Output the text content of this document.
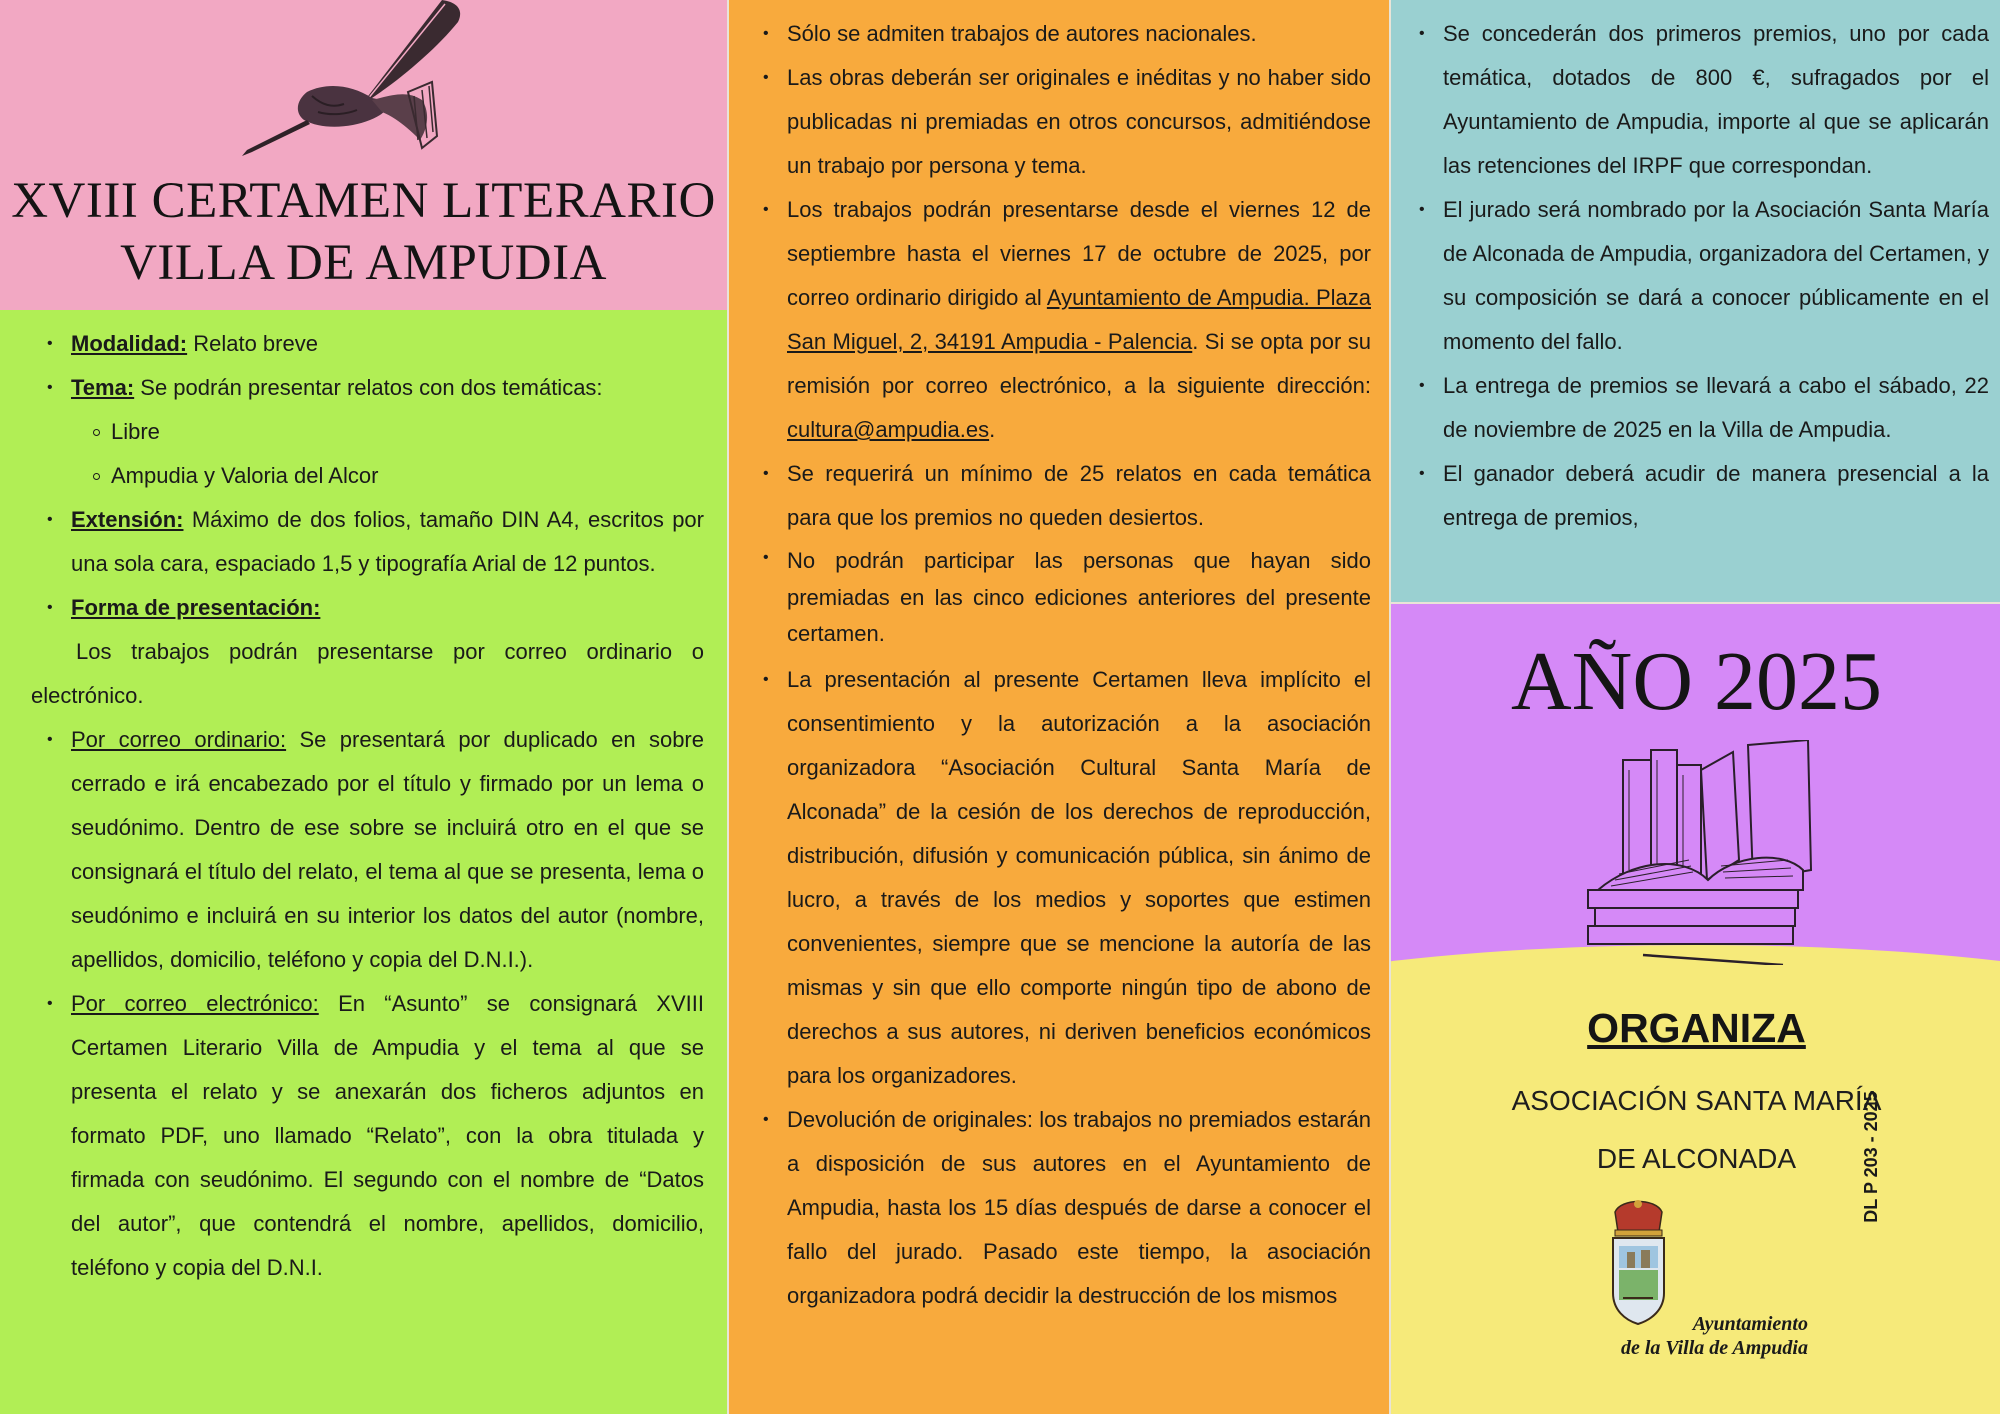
XVIII CERTAMEN LITERARIO
VILLA DE AMPUDIA
• Modalidad: Relato breve
• Tema: Se podrán presentar relatos con dos temáticas:
Libre
Ampudia y Valoria del Alcor
• Extensión: Máximo de dos folios, tamaño DIN A4, escritos por una sola cara, espaciado 1,5 y tipografía Arial de 12 puntos.
• Forma de presentación:
Los trabajos podrán presentarse por correo ordinario o electrónico.
• Por correo ordinario: Se presentará por duplicado en sobre cerrado e irá encabezado por el título y firmado por un lema o seudónimo. Dentro de ese sobre se incluirá otro en el que se consignará el título del relato, el tema al que se presenta, lema o seudónimo e incluirá en su interior los datos del autor (nombre, apellidos, domicilio, teléfono y copia del D.N.I.).
• Por correo electrónico: En “Asunto” se consignará XVIII Certamen Literario Villa de Ampudia y el tema al que se presenta el relato y se anexarán dos ficheros adjuntos en formato PDF, uno llamado “Relato”, con la obra titulada y firmada con seudónimo. El segundo con el nombre de “Datos del autor”, que contendrá el nombre, apellidos, domicilio, teléfono y copia del D.N.I.
• Sólo se admiten trabajos de autores nacionales.
• Las obras deberán ser originales e inéditas y no haber sido publicadas ni premiadas en otros concursos, admitiéndose un trabajo por persona y tema.
• Los trabajos podrán presentarse desde el viernes 12 de septiembre hasta el viernes 17 de octubre de 2025, por correo ordinario dirigido al Ayuntamiento de Ampudia. Plaza San Miguel, 2, 34191 Ampudia - Palencia. Si se opta por su remisión por correo electrónico, a la siguiente dirección: cultura@ampudia.es.
• Se requerirá un mínimo de 25 relatos en cada temática para que los premios no queden desiertos.
• No podrán participar las personas que hayan sido premiadas en las cinco ediciones anteriores del presente certamen.
• La presentación al presente Certamen lleva implícito el consentimiento y la autorización a la asociación organizadora “Asociación Cultural Santa María de Alconada” de la cesión de los derechos de reproducción, distribución, difusión y comunicación pública, sin ánimo de lucro, a través de los medios y soportes que estimen convenientes, siempre que se mencione la autoría de las mismas y sin que ello comporte ningún tipo de abono de derechos a sus autores, ni deriven beneficios económicos para los organizadores.
• Devolución de originales: los trabajos no premiados estarán a disposición de sus autores en el Ayuntamiento de Ampudia, hasta los 15 días después de darse a conocer el fallo del jurado. Pasado este tiempo, la asociación organizadora podrá decidir la destrucción de los mismos
• Se concederán dos primeros premios, uno por cada temática, dotados de 800 €, sufragados por el Ayuntamiento de Ampudia, importe al que se aplicarán las retenciones del IRPF que correspondan.
• El jurado será nombrado por la Asociación Santa María de Alconada de Ampudia, organizadora del Certamen, y su composición se dará a conocer públicamente en el momento del fallo.
• La entrega de premios se llevará a cabo el sábado, 22 de noviembre de 2025 en la Villa de Ampudia.
• El ganador deberá acudir de manera presencial a la entrega de premios,
AÑO 2025
ORGANIZA
ASOCIACIÓN SANTA MARÍA
DE ALCONADA
Ayuntamiento
de la Villa de Ampudia
DL P 203 - 2025
